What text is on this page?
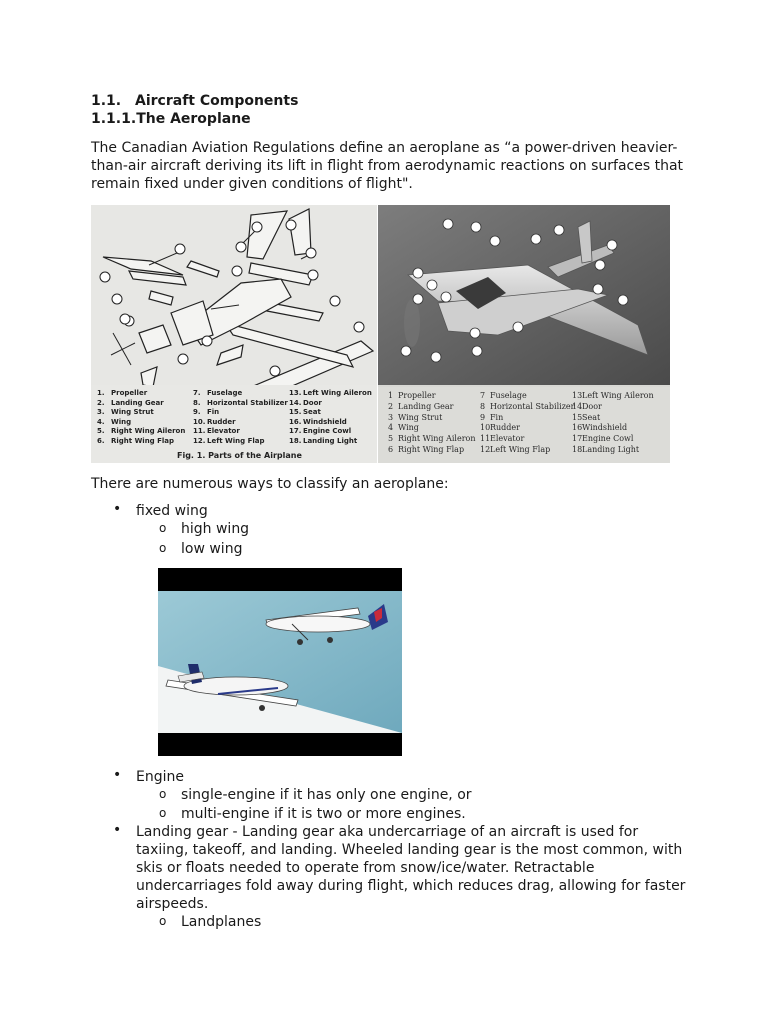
1.1. Aircraft Components
1.1.1.The Aeroplane
The Canadian Aviation Regulations define an aeroplane as “a power-driven heavier-
than-air aircraft deriving its lift in flight from aerodynamic reactions on surfaces that
remain fixed under given conditions of flight".
1. Propeller
2. Landing Gear
3. Wing Strut
4. Wing
5. Right Wing Aileron
6. Right Wing Flap
7. Fuselage
8. Horizontal Stabilizer
9. Fin
10. Rudder
11. Elevator
12. Left Wing Flap
13. Left Wing Aileron
14. Door
15. Seat
16. Windshield
17. Engine Cowl
18. Landing Light
Fig. 1. Parts of the Airplane
1 Propeller
2 Landing Gear
3 Wing Strut
4 Wing
5 Right Wing Aileron
6 Right Wing Flap
7 Fuselage
8 Horizontal Stabilizer
9 Fin
10Rudder
11Elevator
12Left Wing Flap
13Left Wing Aileron
14Door
15Seat
16Windshield
17Engine Cowl
18Landing Light
There are numerous ways to classify an aeroplane:
• fixed wing
o high wing
o low wing
• Engine
o single-engine if it has only one engine, or
o multi-engine if it is two or more engines.
• Landing gear - Landing gear aka undercarriage of an aircraft is used for
taxiing, takeoff, and landing. Wheeled landing gear is the most common, with
skis or floats needed to operate from snow/ice/water. Retractable
undercarriages fold away during flight, which reduces drag, allowing for faster
airspeeds.
o Landplanes
